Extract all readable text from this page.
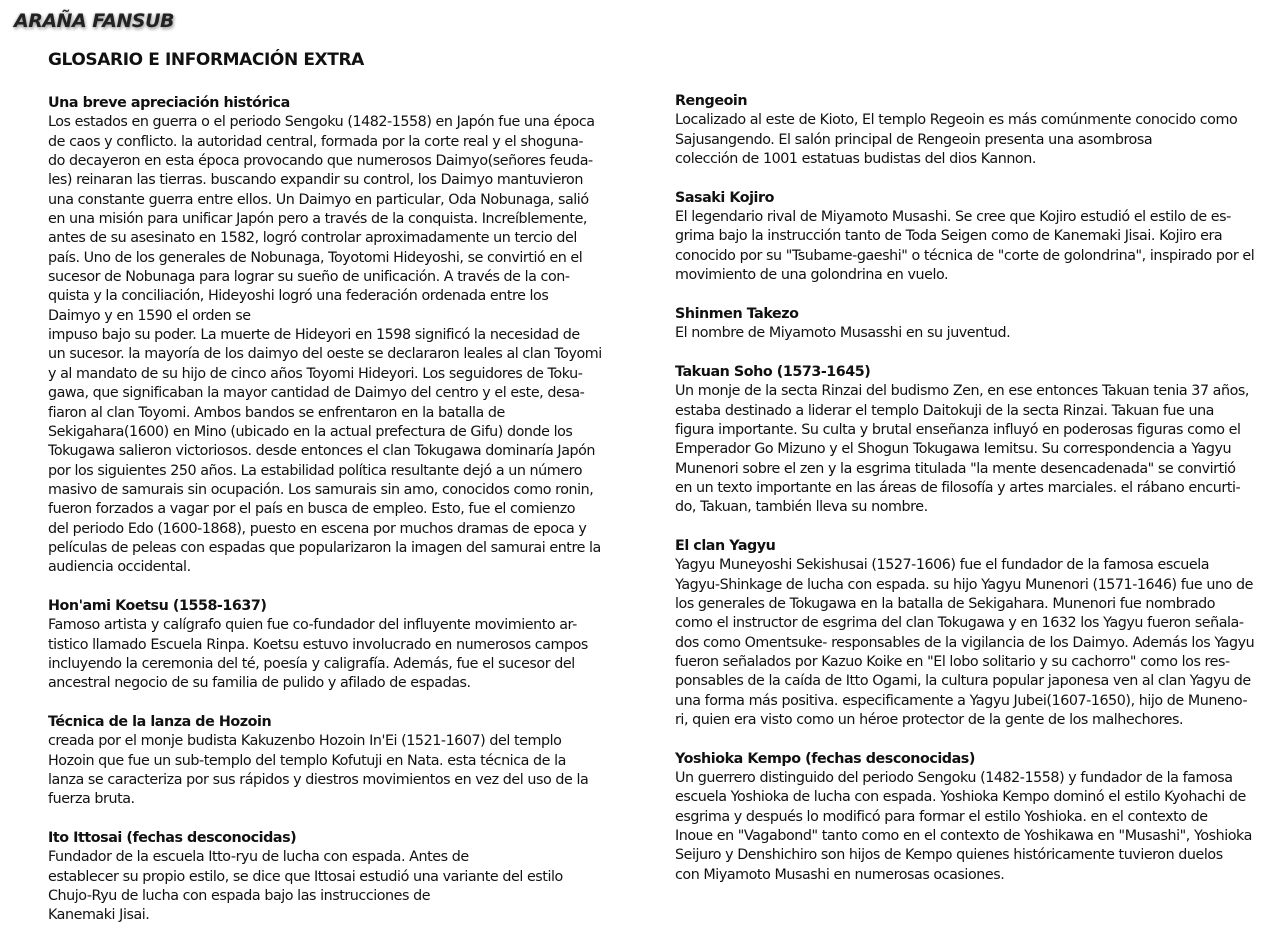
ARAÑA FANSUB
GLOSARIO E INFORMACIÓN EXTRA
Una breve apreciación histórica
Los estados en guerra o el periodo Sengoku (1482-1558) en Japón fue una época
de caos y conflicto. la autoridad central, formada por la corte real y el shoguna-
do decayeron en esta época provocando que numerosos Daimyo(señores feuda-
les) reinaran las tierras. buscando expandir su control, los Daimyo mantuvieron
una constante guerra entre ellos. Un Daimyo en particular, Oda Nobunaga, salió
en una misión para unificar Japón pero a través de la conquista. Increíblemente,
antes de su asesinato en 1582, logró controlar aproximadamente un tercio del
país. Uno de los generales de Nobunaga, Toyotomi Hideyoshi, se convirtió en el
sucesor de Nobunaga para lograr su sueño de unificación. A través de la con-
quista y la conciliación, Hideyoshi logró una federación ordenada entre los
Daimyo y en 1590 el orden se
impuso bajo su poder. La muerte de Hideyori en 1598 significó la necesidad de
un sucesor. la mayoría de los daimyo del oeste se declararon leales al clan Toyomi
y al mandato de su hijo de cinco años Toyomi Hideyori. Los seguidores de Toku-
gawa, que significaban la mayor cantidad de Daimyo del centro y el este, desa-
fiaron al clan Toyomi. Ambos bandos se enfrentaron en la batalla de
Sekigahara(1600) en Mino (ubicado en la actual prefectura de Gifu) donde los
Tokugawa salieron victoriosos. desde entonces el clan Tokugawa dominaría Japón
por los siguientes 250 años. La estabilidad política resultante dejó a un número
masivo de samurais sin ocupación. Los samurais sin amo, conocidos como ronin,
fueron forzados a vagar por el país en busca de empleo. Esto, fue el comienzo
del periodo Edo (1600-1868), puesto en escena por muchos dramas de epoca y
películas de peleas con espadas que popularizaron la imagen del samurai entre la
audiencia occidental.
Hon'ami Koetsu (1558-1637)
Famoso artista y calígrafo quien fue co-fundador del influyente movimiento ar-
tistico llamado Escuela Rinpa. Koetsu estuvo involucrado en numerosos campos
incluyendo la ceremonia del té, poesía y caligrafía. Además, fue el sucesor del
ancestral negocio de su familia de pulido y afilado de espadas.
Técnica de la lanza de Hozoin
creada por el monje budista Kakuzenbo Hozoin In'Ei (1521-1607) del templo
Hozoin que fue un sub-templo del templo Kofutuji en Nata. esta técnica de la
lanza se caracteriza por sus rápidos y diestros movimientos en vez del uso de la
fuerza bruta.
Ito Ittosai (fechas desconocidas)
Fundador de la escuela Itto-ryu de lucha con espada. Antes de
establecer su propio estilo, se dice que Ittosai estudió una variante del estilo
Chujo-Ryu de lucha con espada bajo las instrucciones de
Kanemaki Jisai.
Rengeoin
Localizado al este de Kioto, El templo Regeoin es más comúnmente conocido como
Sajusangendo. El salón principal de Rengeoin presenta una asombrosa
colección de 1001 estatuas budistas del dios Kannon.
Sasaki Kojiro
El legendario rival de Miyamoto Musashi. Se cree que Kojiro estudió el estilo de es-
grima bajo la instrucción tanto de Toda Seigen como de Kanemaki Jisai. Kojiro era
conocido por su "Tsubame-gaeshi" o técnica de "corte de golondrina", inspirado por el
movimiento de una golondrina en vuelo.
Shinmen Takezo
El nombre de Miyamoto Musasshi en su juventud.
Takuan Soho (1573-1645)
Un monje de la secta Rinzai del budismo Zen, en ese entonces Takuan tenia 37 años,
estaba destinado a liderar el templo Daitokuji de la secta Rinzai. Takuan fue una
figura importante. Su culta y brutal enseñanza influyó en poderosas figuras como el
Emperador Go Mizuno y el Shogun Tokugawa Iemitsu. Su correspondencia a Yagyu
Munenori sobre el zen y la esgrima titulada "la mente desencadenada" se convirtió
en un texto importante en las áreas de filosofía y artes marciales. el rábano encurti-
do, Takuan, también lleva su nombre.
El clan Yagyu
Yagyu Muneyoshi Sekishusai (1527-1606) fue el fundador de la famosa escuela
Yagyu-Shinkage de lucha con espada. su hijo Yagyu Munenori (1571-1646) fue uno de
los generales de Tokugawa en la batalla de Sekigahara. Munenori fue nombrado
como el instructor de esgrima del clan Tokugawa y en 1632 los Yagyu fueron señala-
dos como Omentsuke- responsables de la vigilancia de los Daimyo. Además los Yagyu
fueron señalados por Kazuo Koike en "El lobo solitario y su cachorro" como los res-
ponsables de la caída de Itto Ogami, la cultura popular japonesa ven al clan Yagyu de
una forma más positiva. especificamente a Yagyu Jubei(1607-1650), hijo de Muneno-
ri, quien era visto como un héroe protector de la gente de los malhechores.
Yoshioka Kempo (fechas desconocidas)
Un guerrero distinguido del periodo Sengoku (1482-1558) y fundador de la famosa
escuela Yoshioka de lucha con espada. Yoshioka Kempo dominó el estilo Kyohachi de
esgrima y después lo modificó para formar el estilo Yoshioka. en el contexto de
Inoue en "Vagabond" tanto como en el contexto de Yoshikawa en "Musashi", Yoshioka
Seijuro y Denshichiro son hijos de Kempo quienes históricamente tuvieron duelos
con Miyamoto Musashi en numerosas ocasiones.
